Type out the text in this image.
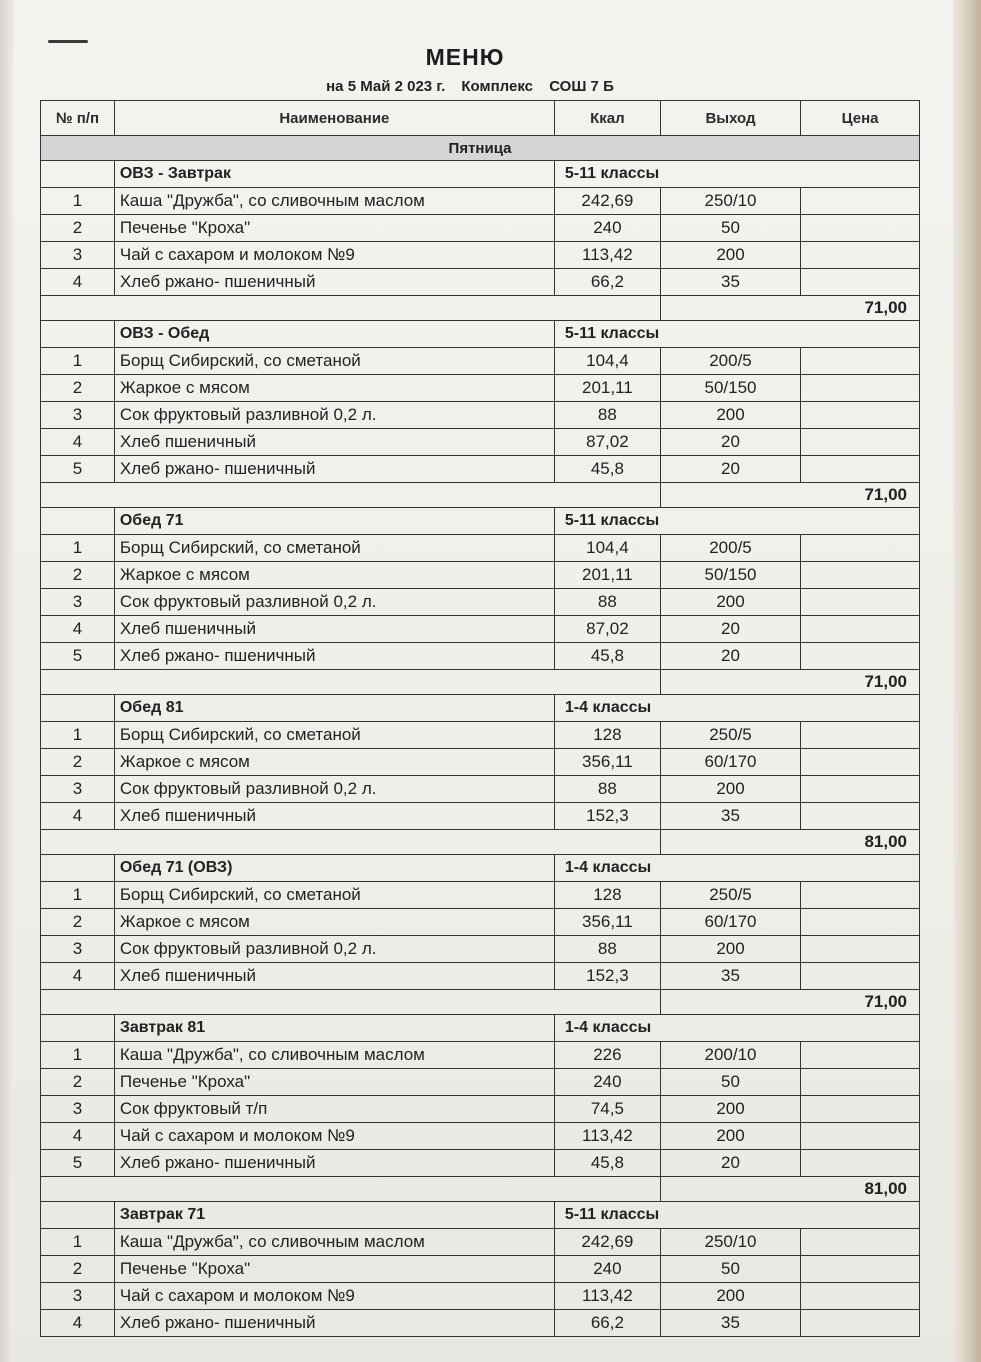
МЕНЮ
на 5 Май 2 023 г. Комплекс СОШ 7 Б
№ п/п	Наименование	Ккал	Выход	Цена
Пятница				
	ОВЗ - Завтрак	5-11 классы		
1	Каша "Дружба", со сливочным маслом	242,69	250/10	
2	Печенье "Кроха"	240	50	
3	Чай с сахаром и молоком №9	113,42	200	
4	Хлеб ржано- пшеничный	66,2	35	
			71,00	
	ОВЗ - Обед	5-11 классы		
1	Борщ Сибирский, со сметаной	104,4	200/5	
2	Жаркое с мясом	201,11	50/150	
3	Сок фруктовый разливной 0,2 л.	88	200	
4	Хлеб пшеничный	87,02	20	
5	Хлеб ржано- пшеничный	45,8	20	
			71,00	
	Обед 71	5-11 классы		
1	Борщ Сибирский, со сметаной	104,4	200/5	
2	Жаркое с мясом	201,11	50/150	
3	Сок фруктовый разливной 0,2 л.	88	200	
4	Хлеб пшеничный	87,02	20	
5	Хлеб ржано- пшеничный	45,8	20	
			71,00	
	Обед 81	1-4 классы		
1	Борщ Сибирский, со сметаной	128	250/5	
2	Жаркое с мясом	356,11	60/170	
3	Сок фруктовый разливной 0,2 л.	88	200	
4	Хлеб пшеничный	152,3	35	
			81,00	
	Обед 71 (ОВЗ)	1-4 классы		
1	Борщ Сибирский, со сметаной	128	250/5	
2	Жаркое с мясом	356,11	60/170	
3	Сок фруктовый разливной 0,2 л.	88	200	
4	Хлеб пшеничный	152,3	35	
			71,00	
	Завтрак 81	1-4 классы		
1	Каша "Дружба", со сливочным маслом	226	200/10	
2	Печенье "Кроха"	240	50	
3	Сок фруктовый т/п	74,5	200	
4	Чай с сахаром и молоком №9	113,42	200	
5	Хлеб ржано- пшеничный	45,8	20	
			81,00	
	Завтрак 71	5-11 классы		
1	Каша "Дружба", со сливочным маслом	242,69	250/10	
2	Печенье "Кроха"	240	50	
3	Чай с сахаром и молоком №9	113,42	200	
4	Хлеб ржано- пшеничный	66,2	35	
